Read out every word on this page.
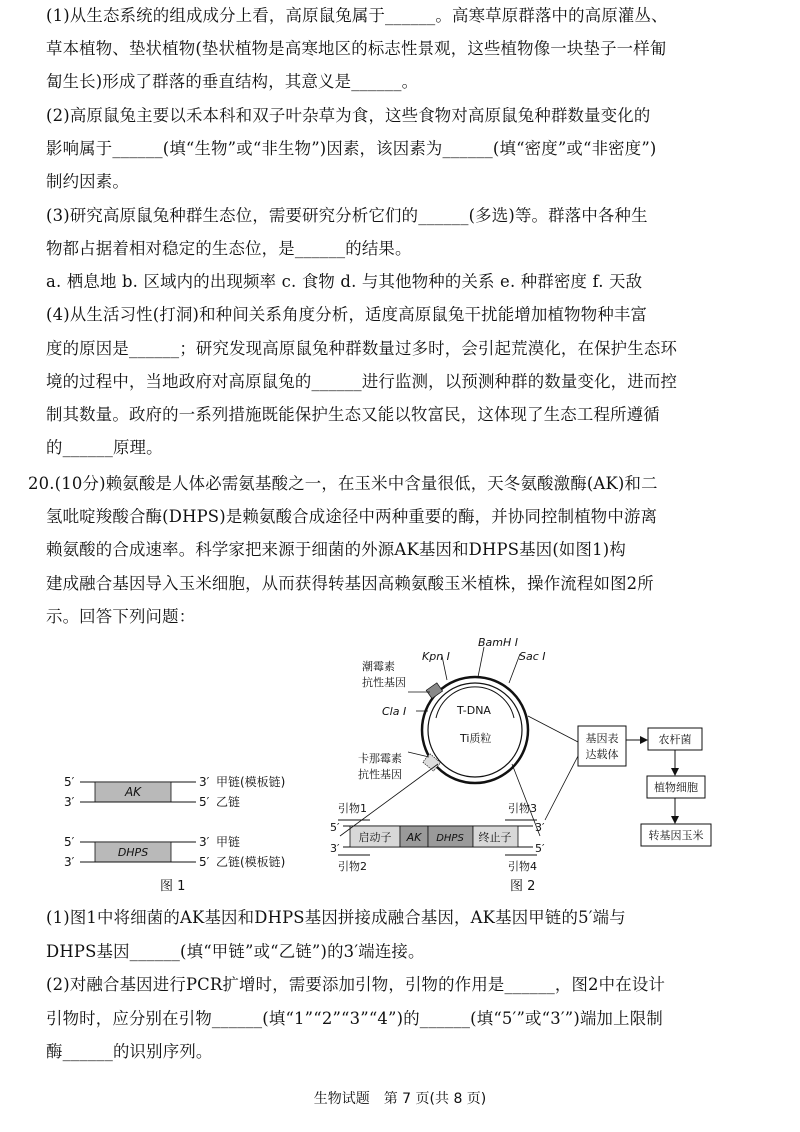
(1)从生态系统的组成成分上看，高原鼠兔属于______。高寒草原群落中的高原灌丛、
草本植物、垫状植物(垫状植物是高寒地区的标志性景观，这些植物像一块垫子一样匍
匐生长)形成了群落的垂直结构，其意义是______。
(2)高原鼠兔主要以禾本科和双子叶杂草为食，这些食物对高原鼠兔种群数量变化的
影响属于______(填“生物”或“非生物”)因素，该因素为______(填“密度”或“非密度”)
制约因素。
(3)研究高原鼠兔种群生态位，需要研究分析它们的______(多选)等。群落中各种生
物都占据着相对稳定的生态位，是______的结果。
a. 栖息地 b. 区域内的出现频率 c. 食物 d. 与其他物种的关系 e. 种群密度 f. 天敌
(4)从生活习性(打洞)和种间关系角度分析，适度高原鼠兔干扰能增加植物物种丰富
度的原因是______；研究发现高原鼠兔种群数量过多时，会引起荒漠化，在保护生态环
境的过程中，当地政府对高原鼠兔的______进行监测，以预测种群的数量变化，进而控
制其数量。政府的一系列措施既能保护生态又能以牧富民，这体现了生态工程所遵循
的______原理。
20.(10分)赖氨酸是人体必需氨基酸之一，在玉米中含量很低，天冬氨酸激酶(AK)和二
氢吡啶羧酸合酶(DHPS)是赖氨酸合成途径中两种重要的酶，并协同控制植物中游离
赖氨酸的合成速率。科学家把来源于细菌的外源AK基因和DHPS基因(如图1)构
建成融合基因导入玉米细胞，从而获得转基因高赖氨酸玉米植株，操作流程如图2所
示。回答下列问题：
5′	3′ 甲链(模板链)
AK
3′	5′ 乙链
5′	3′ 甲链
DHPS
3′	5′ 乙链(模板链)
图 1
T-DNA
Ti质粒
Kpn Ⅰ
BamH Ⅰ
Sac Ⅰ
Cla Ⅰ
潮霉素
抗性基因
卡那霉素
抗性基因
引物1	引物3
5′
3′
3′
5′
启动子 AK DHPS 终止子
引物2	引物4
基因表
达载体
农杆菌
植物细胞
转基因玉米
图 2
(1)图1中将细菌的AK基因和DHPS基因拼接成融合基因，AK基因甲链的5′端与
DHPS基因______(填“甲链”或“乙链”)的3′端连接。
(2)对融合基因进行PCR扩增时，需要添加引物，引物的作用是______，图2中在设计
引物时，应分别在引物______(填“1”“2”“3”“4”)的______(填“5′”或“3′”)端加上限制
酶______的识别序列。
生物试题　第 7 页(共 8 页)
